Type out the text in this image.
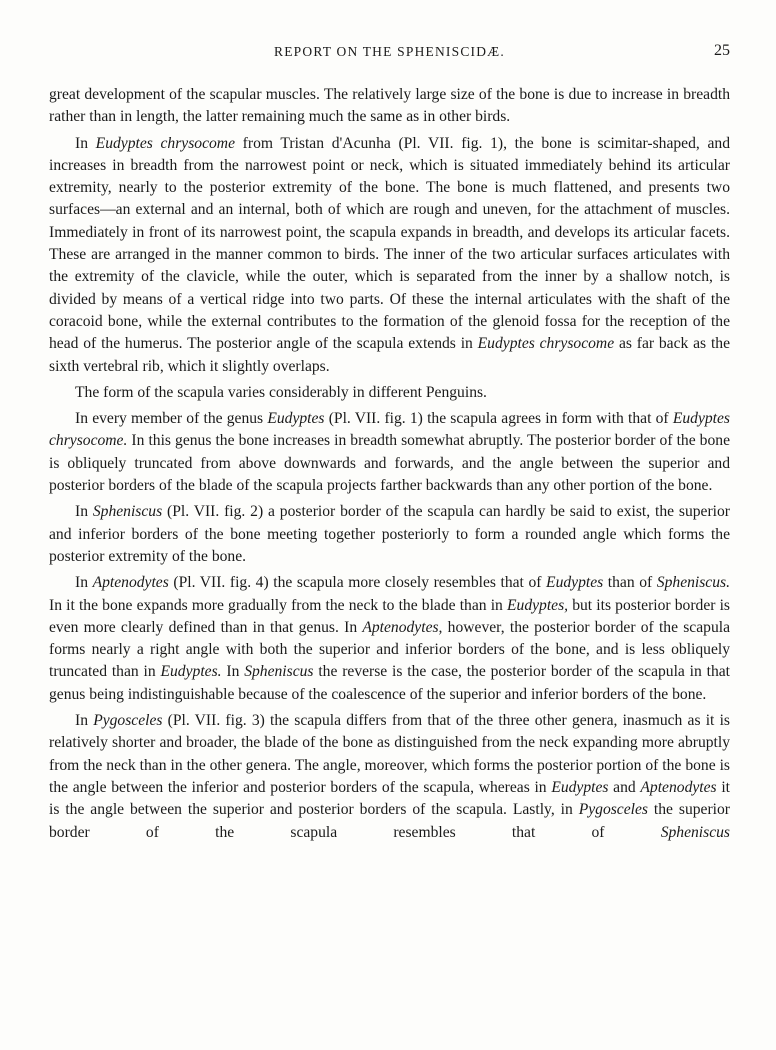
REPORT ON THE SPHENISCIDÆ.	25

great development of the scapular muscles. The relatively large size of the bone is due to increase in breadth rather than in length, the latter remaining much the same as in other birds.

In Eudyptes chrysocome from Tristan d'Acunha (Pl. VII. fig. 1), the bone is scimitar-shaped, and increases in breadth from the narrowest point or neck, which is situated immediately behind its articular extremity, nearly to the posterior extremity of the bone. The bone is much flattened, and presents two surfaces—an external and an internal, both of which are rough and uneven, for the attachment of muscles. Immediately in front of its narrowest point, the scapula expands in breadth, and develops its articular facets. These are arranged in the manner common to birds. The inner of the two articular surfaces articulates with the extremity of the clavicle, while the outer, which is separated from the inner by a shallow notch, is divided by means of a vertical ridge into two parts. Of these the internal articulates with the shaft of the coracoid bone, while the external contributes to the formation of the glenoid fossa for the reception of the head of the humerus. The posterior angle of the scapula extends in Eudyptes chrysocome as far back as the sixth vertebral rib, which it slightly overlaps.

The form of the scapula varies considerably in different Penguins.

In every member of the genus Eudyptes (Pl. VII. fig. 1) the scapula agrees in form with that of Eudyptes chrysocome. In this genus the bone increases in breadth somewhat abruptly. The posterior border of the bone is obliquely truncated from above downwards and forwards, and the angle between the superior and posterior borders of the blade of the scapula projects farther backwards than any other portion of the bone.

In Spheniscus (Pl. VII. fig. 2) a posterior border of the scapula can hardly be said to exist, the superior and inferior borders of the bone meeting together posteriorly to form a rounded angle which forms the posterior extremity of the bone.

In Aptenodytes (Pl. VII. fig. 4) the scapula more closely resembles that of Eudyptes than of Spheniscus. In it the bone expands more gradually from the neck to the blade than in Eudyptes, but its posterior border is even more clearly defined than in that genus. In Aptenodytes, however, the posterior border of the scapula forms nearly a right angle with both the superior and inferior borders of the bone, and is less obliquely truncated than in Eudyptes. In Spheniscus the reverse is the case, the posterior border of the scapula in that genus being indistinguishable because of the coalescence of the superior and inferior borders of the bone.

In Pygosceles (Pl. VII. fig. 3) the scapula differs from that of the three other genera, inasmuch as it is relatively shorter and broader, the blade of the bone as distinguished from the neck expanding more abruptly from the neck than in the other genera. The angle, moreover, which forms the posterior portion of the bone is the angle between the inferior and posterior borders of the scapula, whereas in Eudyptes and Aptenodytes it is the angle between the superior and posterior borders of the scapula. Lastly, in Pygosceles the superior border of the scapula resembles that of Spheniscus
